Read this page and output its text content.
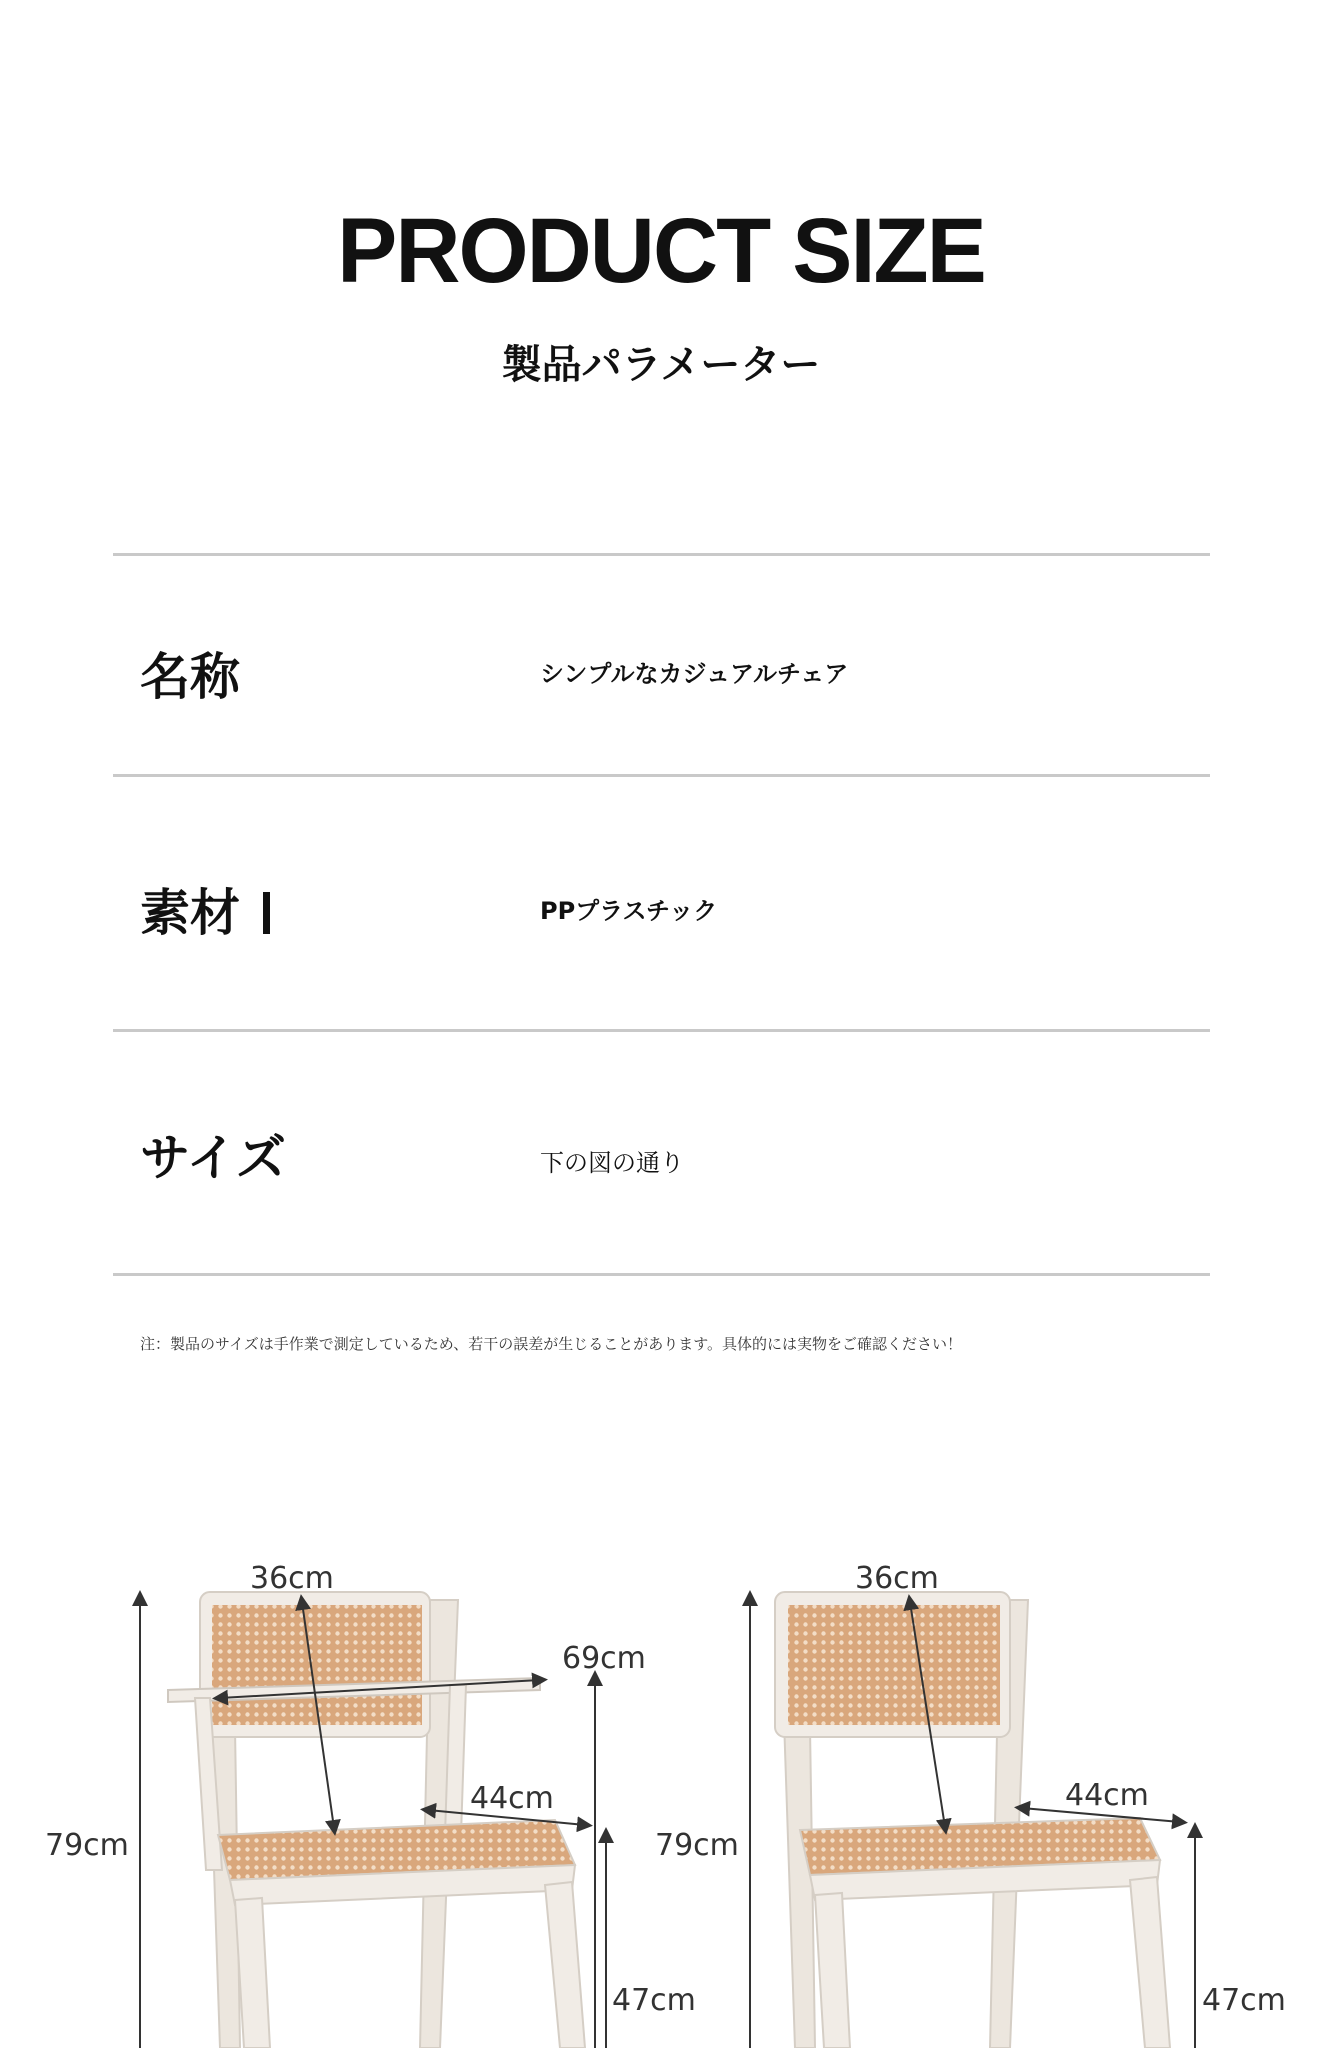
PRODUCT SIZE
製品パラメーター
名称	シンプルなカジュアルチェア
素材	PPプラスチック
サイズ	下の図の通り
注：製品のサイズは手作業で測定しているため、若干の誤差が生じることがあります。具体的には実物をご確認ください！
36cm
69cm
44cm
79cm
47cm
36cm
44cm
79cm
47cm
